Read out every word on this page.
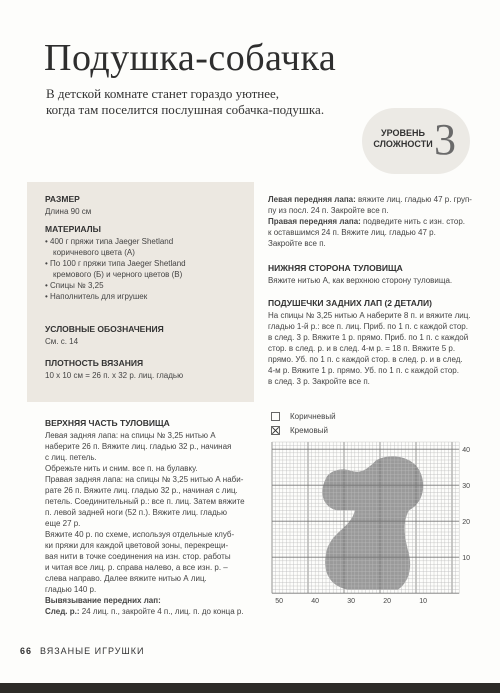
Подушка-собачка
В детской комнате станет гораздо уютнее,
когда там поселится послушная собачка-подушка.
УРОВЕНЬ
СЛОЖНОСТИ 3
РАЗМЕР
Длина 90 см
МАТЕРИАЛЫ
• 400 г пряжи типа Jaeger Shetland
коричневого цвета (А)
• По 100 г пряжи типа Jaeger Shetland
кремового (Б) и черного цветов (В)
• Спицы № 3,25
• Наполнитель для игрушек
УСЛОВНЫЕ ОБОЗНАЧЕНИЯ
См. с. 14
ПЛОТНОСТЬ ВЯЗАНИЯ
10 х 10 см = 26 п. х 32 р. лиц. гладью
ВЕРХНЯЯ ЧАСТЬ ТУЛОВИЩА
Левая задняя лапа: на спицы № 3,25 нитью А
наберите 26 п. Вяжите лиц. гладью 32 р., начиная
с лиц. петель.
Обрежьте нить и сним. все п. на булавку.
Правая задняя лапа: на спицы № 3,25 нитью А наби-
рате 26 п. Вяжите лиц. гладью 32 р., начиная с лиц.
петель. Соединительный р.: все п. лиц. Затем вяжите
п. левой задней ноги (52 п.). Вяжите лиц. гладью
еще 27 р.
Вяжите 40 р. по схеме, используя отдельные клуб-
ки пряжи для каждой цветовой зоны, перекрещи-
вая нити в точке соединения на изн. стор. работы
и читая все лиц. р. справа налево, а все изн. р. –
слева направо. Далее вяжите нитью А лиц.
гладью 140 р.
Вывязывание передних лап:
След. р.: 24 лиц. п., закройте 4 п., лиц. п. до конца р.
Левая передняя лапа: вяжите лиц. гладью 47 р. груп-
пу из посл. 24 п. Закройте все п.
Правая передняя лапа: подведите нить с изн. стор.
к оставшимся 24 п. Вяжите лиц. гладью 47 р.
Закройте все п.
НИЖНЯЯ СТОРОНА ТУЛОВИЩА
Вяжите нитью А, как верхнюю сторону туловища.
ПОДУШЕЧКИ ЗАДНИХ ЛАП (2 ДЕТАЛИ)
На спицы № 3,25 нитью А наберите 8 п. и вяжите лиц.
гладью 1-й р.: все п. лиц. Приб. по 1 п. с каждой стор.
в след. 3 р. Вяжите 1 р. прямо. Приб. по 1 п. с каждой
стор. в след. р. и в след. 4-м р. = 18 п. Вяжите 5 р.
прямо. Уб. по 1 п. с каждой стор. в след. р. и в след.
4-м р. Вяжите 1 р. прямо. Уб. по 1 п. с каждой стор.
в след. 3 р. Закройте все п.
Коричневый
Кремовый
40
30
20
10
50	40	30	20	10
66 ВЯЗАНЫЕ ИГРУШКИ
